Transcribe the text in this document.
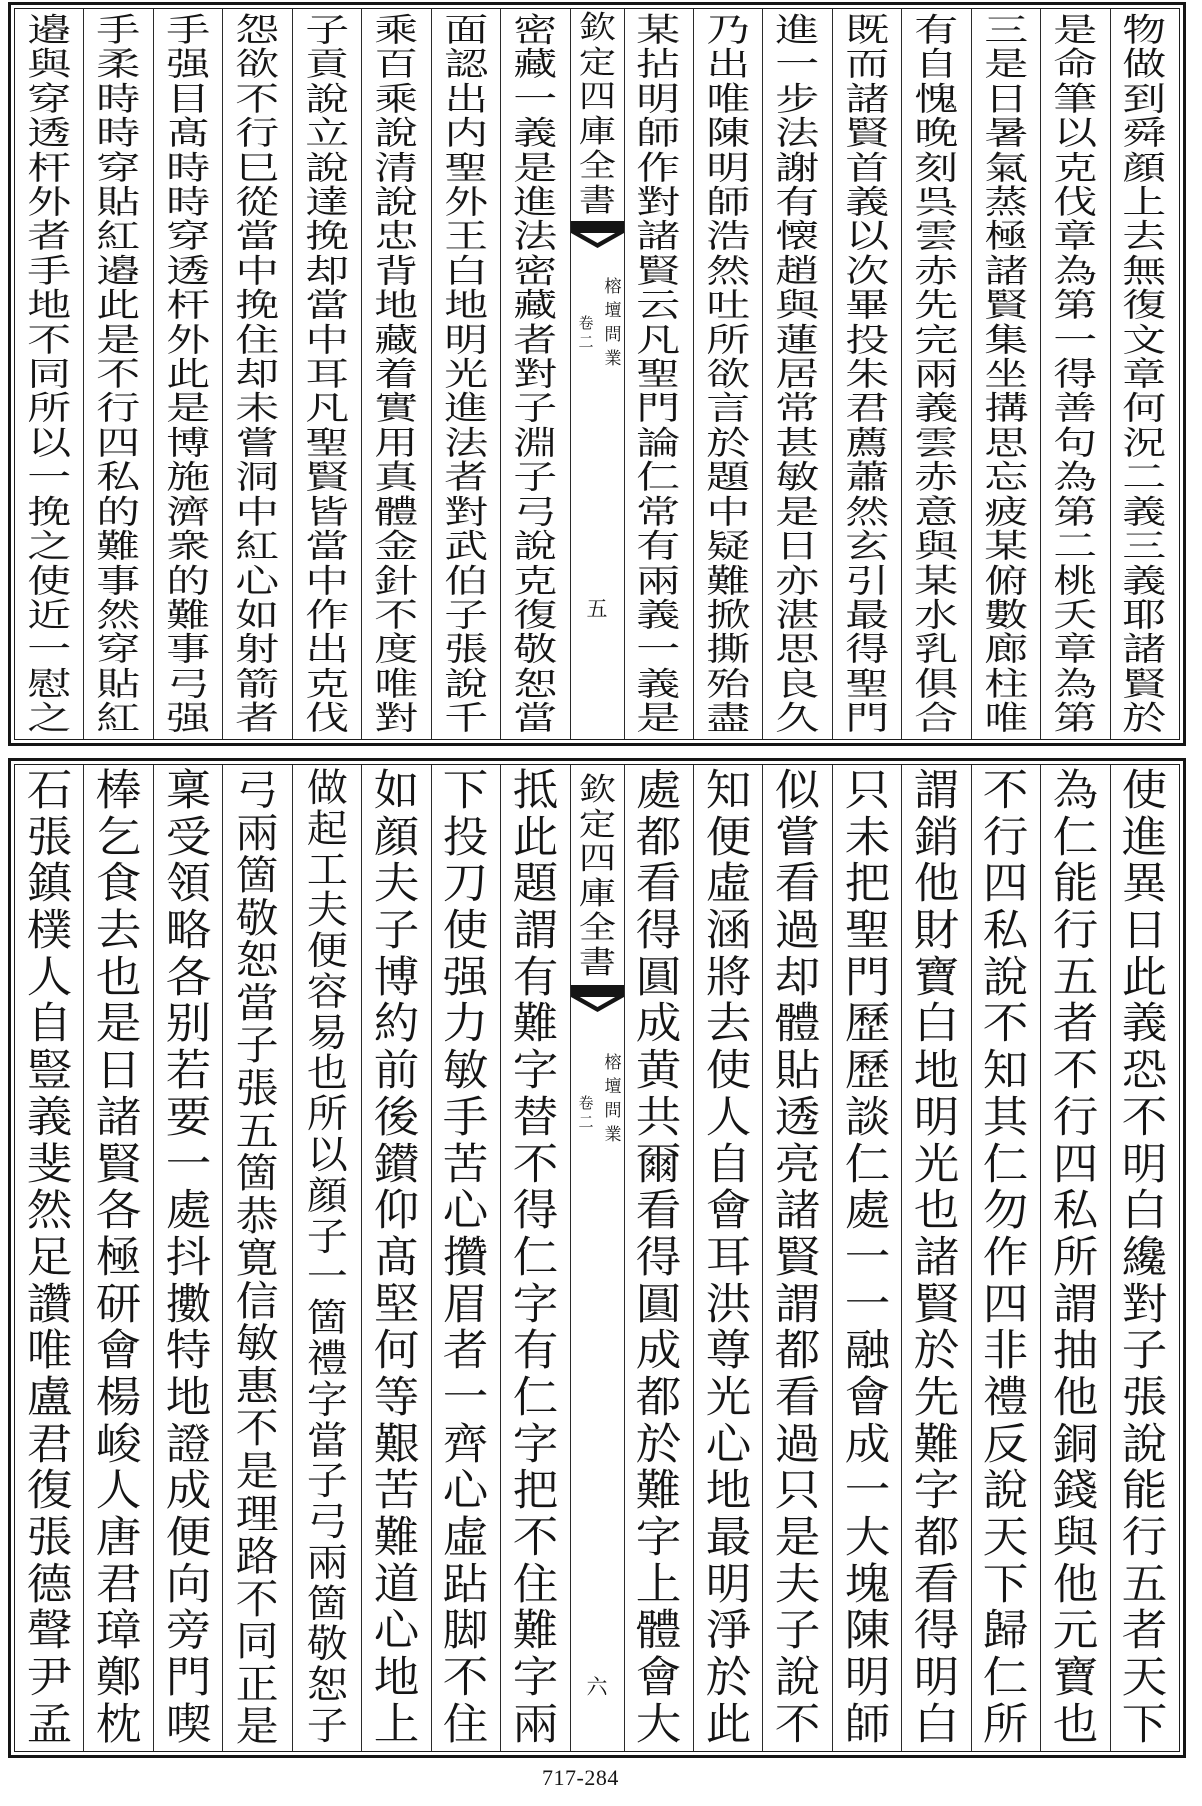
物
做
到
舜
顔
上
去
無
復
文
章
何
況
二
義
三
義
耶
諸
賢
於
是
命
筆
以
克
伐
章
為
第
一
得
善
句
為
第
二
桃
夭
章
為
第
三
是
日
暑
氣
蒸
極
諸
賢
集
坐
搆
思
忘
疲
某
俯
數
廊
柱
唯
有
自
愧
晚
刻
呉
雲
赤
先
完
兩
義
雲
赤
意
與
某
水
乳
俱
合
既
而
諸
賢
首
義
以
次
畢
投
朱
君
薦
蕭
然
玄
引
最
得
聖
門
進
一
步
法
謝
有
懐
趙
與
蓮
居
常
甚
敏
是
日
亦
湛
思
良
久
乃
出
唯
陳
明
師
浩
然
吐
所
欲
言
於
題
中
疑
難
掀
撕
殆
盡
某
拈
明
師
作
對
諸
賢
云
凡
聖
門
論
仁
常
有
兩
義
一
義
是
欽
定
四
庫
全
書
榕壇問業
卷二
五
密
藏
一
義
是
進
法
密
藏
者
對
子
淵
子
弓
說
克
復
敬
恕
當
面
認
出
内
聖
外
王
白
地
明
光
進
法
者
對
武
伯
子
張
說
千
乘
百
乘
說
清
說
忠
背
地
藏
着
實
用
真
體
金
針
不
度
唯
對
子
貢
說
立
說
達
挽
却
當
中
耳
凡
聖
賢
皆
當
中
作
出
克
伐
怨
欲
不
行
巳
從
當
中
挽
住
却
未
嘗
洞
中
紅
心
如
射
箭
者
手
强
目
髙
時
時
穿
透
杆
外
此
是
博
施
濟
衆
的
難
事
弓
强
手
柔
時
時
穿
貼
紅
邉
此
是
不
行
四
私
的
難
事
然
穿
貼
紅
邉
與
穿
透
杆
外
者
手
地
不
同
所
以
一
挽
之
使
近
一
慰
之
使
進
異
日
此
義
恐
不
明
白
纔
對
子
張
說
能
行
五
者
天
下
為
仁
能
行
五
者
不
行
四
私
所
謂
抽
他
銅
錢
與
他
元
寶
也
不
行
四
私
說
不
知
其
仁
勿
作
四
非
禮
反
說
天
下
歸
仁
所
謂
銷
他
財
寶
白
地
明
光
也
諸
賢
於
先
難
字
都
看
得
明
白
只
未
把
聖
門
歷
歷
談
仁
處
一
一
融
會
成
一
大
塊
陳
明
師
似
嘗
看
過
却
體
貼
透
亮
諸
賢
謂
都
看
過
只
是
夫
子
說
不
知
便
虛
涵
將
去
使
人
自
會
耳
洪
尊
光
心
地
最
明
淨
於
此
處
都
看
得
圓
成
黄
共
爾
看
得
圓
成
都
於
難
字
上
體
會
大
欽
定
四
庫
全
書
榕壇問業
卷二
六
抵
此
題
謂
有
難
字
替
不
得
仁
字
有
仁
字
把
不
住
難
字
兩
下
投
刀
使
强
力
敏
手
苦
心
攢
眉
者
一
齊
心
虛
跕
脚
不
住
如
顔
夫
子
博
約
前
後
鑚
仰
髙
堅
何
等
艱
苦
難
道
心
地
上
做
起
工
夫
便
容
易
也
所
以
顔
子
一
箇
禮
字
當
子
弓
兩
箇
敬
恕
子
弓
兩
箇
敬
恕
當
子
張
五
箇
恭
寛
信
敏
惠
不
是
理
路
不
同
正
是
稟
受
領
略
各
别
若
要
一
處
抖
擻
特
地
證
成
便
向
旁
門
喫
棒
乞
食
去
也
是
日
諸
賢
各
極
研
會
楊
峻
人
唐
君
璋
鄭
枕
石
張
鎮
樸
人
自
豎
義
斐
然
足
讚
唯
盧
君
復
張
德
聲
尹
孟
717-284
